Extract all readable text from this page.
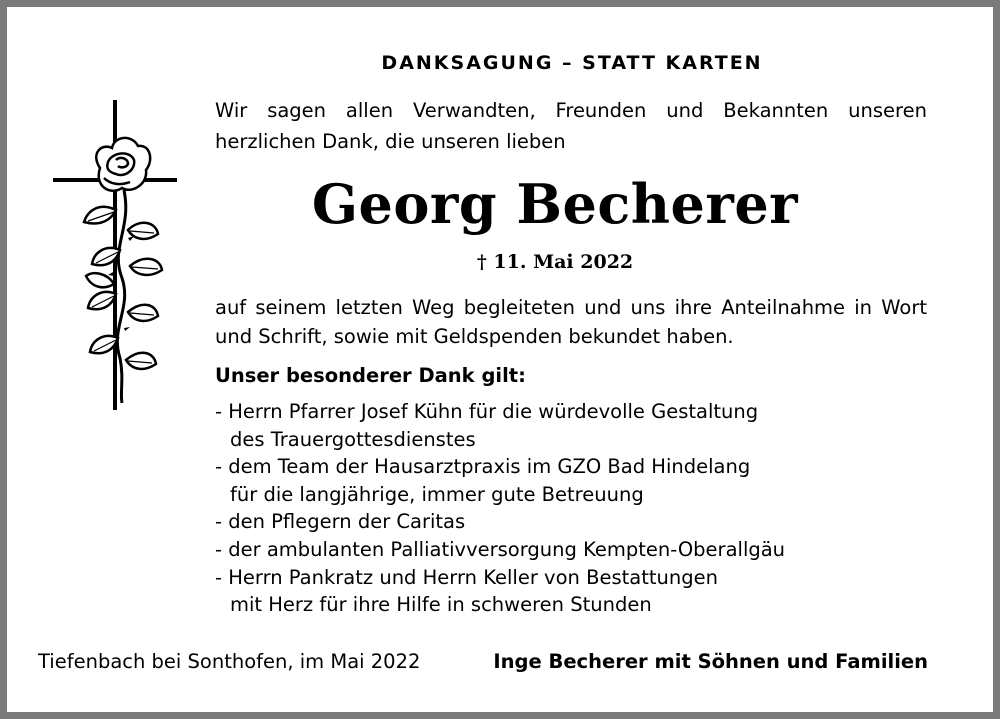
DANKSAGUNG – STATT KARTEN
Wir sagen allen Verwandten, Freunden und Bekannten unseren
herzlichen Dank, die unseren lieben
Georg Becherer
† 11. Mai 2022
auf seinem letzten Weg begleiteten und uns ihre Anteilnahme in Wort
und Schrift, sowie mit Geldspenden bekundet haben.
Unser besonderer Dank gilt:
- Herrn Pfarrer Josef Kühn für die würdevolle Gestaltung
des Trauergottesdienstes
- dem Team der Hausarztpraxis im GZO Bad Hindelang
für die langjährige, immer gute Betreuung
- den Pflegern der Caritas
- der ambulanten Palliativversorgung Kempten-Oberallgäu
- Herrn Pankratz und Herrn Keller von Bestattungen
mit Herz für ihre Hilfe in schweren Stunden
Tiefenbach bei Sonthofen, im Mai 2022	Inge Becherer mit Söhnen und Familien
